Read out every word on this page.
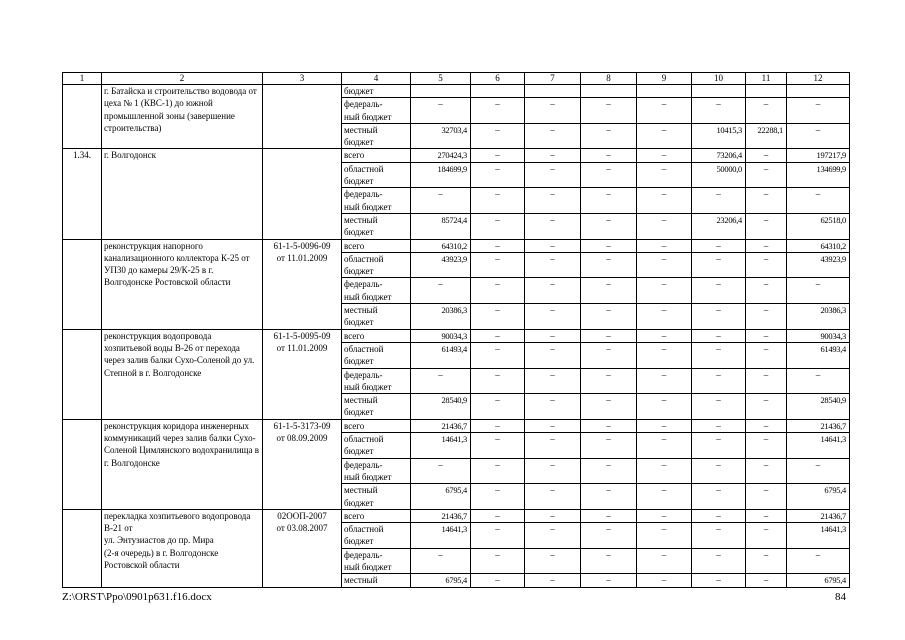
1	2	3	4	5	6	7	8	9	10	11	12

	г. Батайска и строительство водовода от цеха № 1 (КВС-1) до южной промышленной зоны (завершение строительства)		бюджет								

			федераль-
ный бюджет	–	–	–	–	–	–	–	–

			местный
бюджет	32703,4	–	–	–	–	10415,3	22288,1	–
1.34.	г. Волгодонск		всего	270424,3	–	–	–	–	73206,4	–	197217,9

			областной
бюджет	184699,9	–	–	–	–	50000,0	–	134699,9

			федераль-
ный бюджет	–	–	–	–	–	–	–	–

			местный
бюджет	85724,4	–	–	–	–	23206,4	–	62518,0

	реконструкция напорного канализационного коллектора К-25 от УП30 до камеры 29/К-25 в г. Волгодонске Ростовской области	61-1-5-0096-09
от 11.01.2009	всего	64310,2	–	–	–	–	–	–	64310,2

			областной
бюджет	43923,9	–	–	–	–	–	–	43923,9

			федераль-
ный бюджет	–	–	–	–	–	–	–	–

			местный
бюджет	20386,3	–	–	–	–	–	–	20386,3

	реконструкция водопровода хозпитьевой воды В-26 от перехода через залив балки Сухо-Соленой до ул. Степной в г. Волгодонске	61-1-5-0095-09
от 11.01.2009	всего	90034,3	–	–	–	–	–	–	90034,3

			областной
бюджет	61493,4	–	–	–	–	–	–	61493,4

			федераль-
ный бюджет	–	–	–	–	–	–	–	–

			местный
бюджет	28540,9	–	–	–	–	–	–	28540,9

	реконструкция коридора инженерных коммуникаций через залив балки Сухо-Соленой Цимлянского водохранилища в г. Волгодонске	61-1-5-3173-09
от 08.09.2009	всего	21436,7	–	–	–	–	–	–	21436,7

			областной
бюджет	14641,3	–	–	–	–	–	–	14641,3

			федераль-
ный бюджет	–	–	–	–	–	–	–	–

			местный
бюджет	6795,4	–	–	–	–	–	–	6795,4

	перекладка хозпитьевого водопровода В-21 от
ул. Энтузиастов до пр. Мира
(2-я очередь) в г. Волгодонске Ростовской области	02ООП-2007
от 03.08.2007	всего	21436,7	–	–	–	–	–	–	21436,7

			областной
бюджет	14641,3	–	–	–	–	–	–	14641,3

			федераль-
ный бюджет	–	–	–	–	–	–	–	–

			местный	6795,4	–	–	–	–	–	–	6795,4
Z:\ORST\Ppo\0901p631.f16.docx	84
